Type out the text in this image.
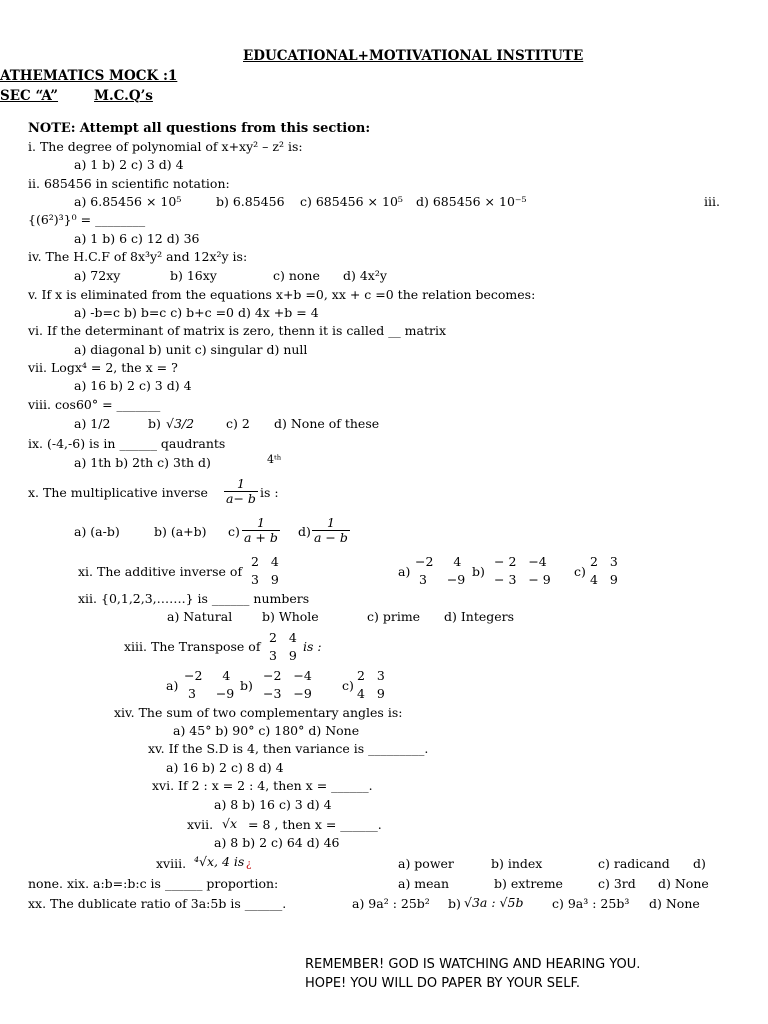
EDUCATIONAL+MOTIVATIONAL INSTITUTE
ATHEMATICS MOCK :1
SEC “A”	M.C.Q’s
NOTE: Attempt all questions from this section:
i. The degree of polynomial of x+xy² – z² is:
a) 1 b) 2 c) 3 d) 4
ii. 685456 in scientific notation:
a) 6.85456 × 10⁵	b) 6.85456 c) 685456 × 10⁵ d) 685456 × 10⁻⁵	iii.
{(6²)³}⁰ = ________
a) 1 b) 6 c) 12 d) 36
iv. The H.C.F of 8x³y² and 12x²y is:
a) 72xy	b) 16xy	c) none d) 4x²y
v. If x is eliminated from the equations x+b =0, xx + c =0 the relation becomes:
a) -b=c b) b=c c) b+c =0 d) 4x +b = 4
vi. If the determinant of matrix is zero, thenn it is called __ matrix
a) diagonal b) unit c) singular d) null
vii. Logx⁴ = 2, the x = ?
a) 16 b) 2 c) 3 d) 4
viii. cos60° = _______
a) 1/2	b) √3/2	c) 2 d) None of these
ix. (-4,-6) is in ______ qaudrants
a) 1th b) 2th c) 3th d)	4ᵗʰ
x. The multiplicative inverse $\frac{1}{a- b}$ is :
a) (a-b)	b) (a+b) $c) \frac{1}{a + b} d) \frac{1}{a - b}$
xi. The additive inverse of
2 4
3 9
a)
−2 4
3 −9
b)
− 2 −4
− 3 − 9
c)
2 3
4 9
xii. {0,1,2,3,…….} is ______ numbers
a) Natural b) Whole	c) prime d) Integers
xiii. The Transpose of
2 4
3 9
is :
a)
−2 4
3 −9
b)
−2 −4
−3 −9
c)
2 3
4 9
xiv. The sum of two complementary angles is:
a) 45° b) 90° c) 180° d) None
xv. If the S.D is 4, then variance is _________.
a) 16 b) 2 c) 8 d) 4
xvi. If 2 : x = 2 : 4, then x = ______.
a) 8 b) 16 c) 3 d) 4
xvii. √x = 8 , then x = ______.
a) 8 b) 2 c) 64 d) 46
xviii. ⁴√x, 4 is ¿	a) power	b) index	c) radicand d)
none. xix. a:b=:b:c is ______ proportion:	a) mean	b) extreme	c) 3rd d) None
xx. The dublicate ratio of 3a:5b is ______.	a) 9a² : 25b² b) √3a : √5b c) 9a³ : 25b³ d) None
REMEMBER! GOD IS WATCHING AND HEARING YOU.
HOPE! YOU WILL DO PAPER BY YOUR SELF.
